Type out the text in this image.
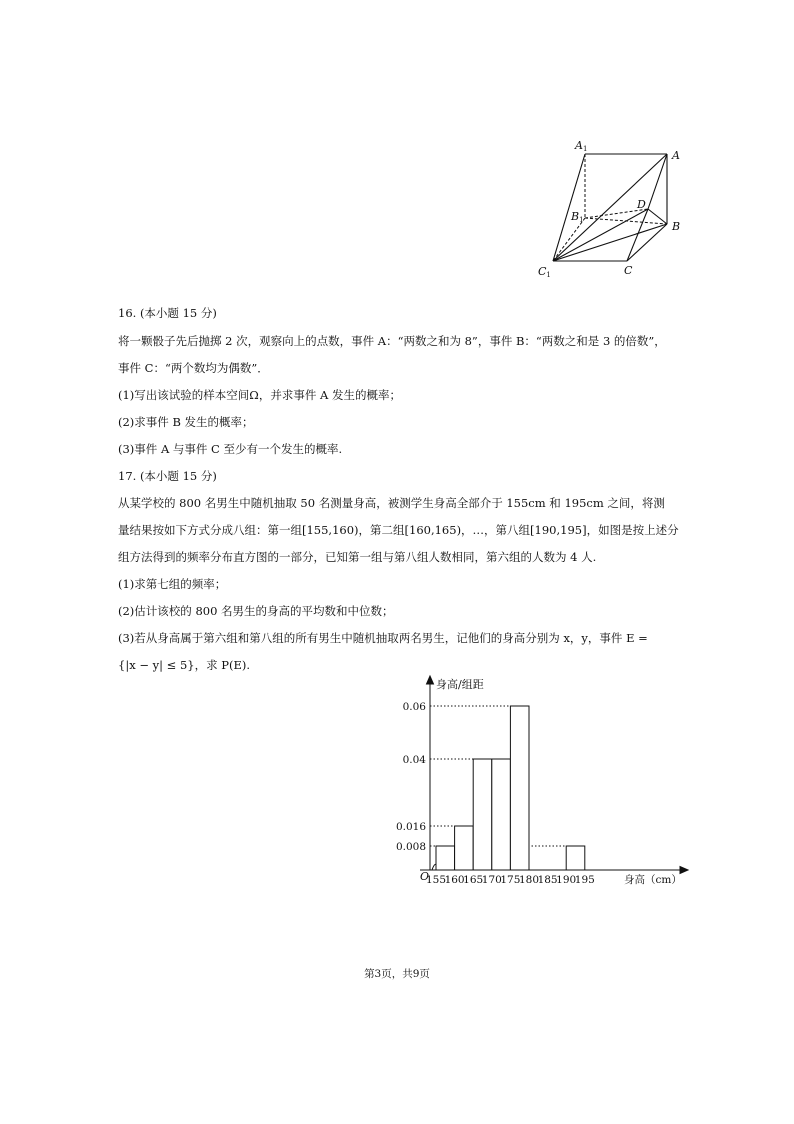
A1	A
B1
D
B
C1	C
16. (本小题 15 分)
将一颗骰子先后抛掷 2 次，观察向上的点数，事件 A：“两数之和为 8”，事件 B：“两数之和是 3 的倍数”，
事件 C：“两个数均为偶数”．
(1)写出该试验的样本空间Ω，并求事件 A 发生的概率；
(2)求事件 B 发生的概率；
(3)事件 A 与事件 C 至少有一个发生的概率.
17. (本小题 15 分)
从某学校的 800 名男生中随机抽取 50 名测量身高，被测学生身高全部介于 155cm 和 195cm 之间，将测
量结果按如下方式分成八组：第一组[155,160)，第二组[160,165)，…，第八组[190,195]，如图是按上述分
组方法得到的频率分布直方图的一部分，已知第一组与第八组人数相同，第六组的人数为 4 人.
(1)求第七组的频率；
(2)估计该校的 800 名男生的身高的平均数和中位数；
(3)若从身高属于第六组和第八组的所有男生中随机抽取两名男生，记他们的身高分别为 x，y，事件 E =
{|x − y| ≤ 5}，求 P(E).
0.008
0.016
0.04
0.06
155
160
165
170
175
180
185
190
195
O
身高/组距
身高（cm）
第3页，共9页
